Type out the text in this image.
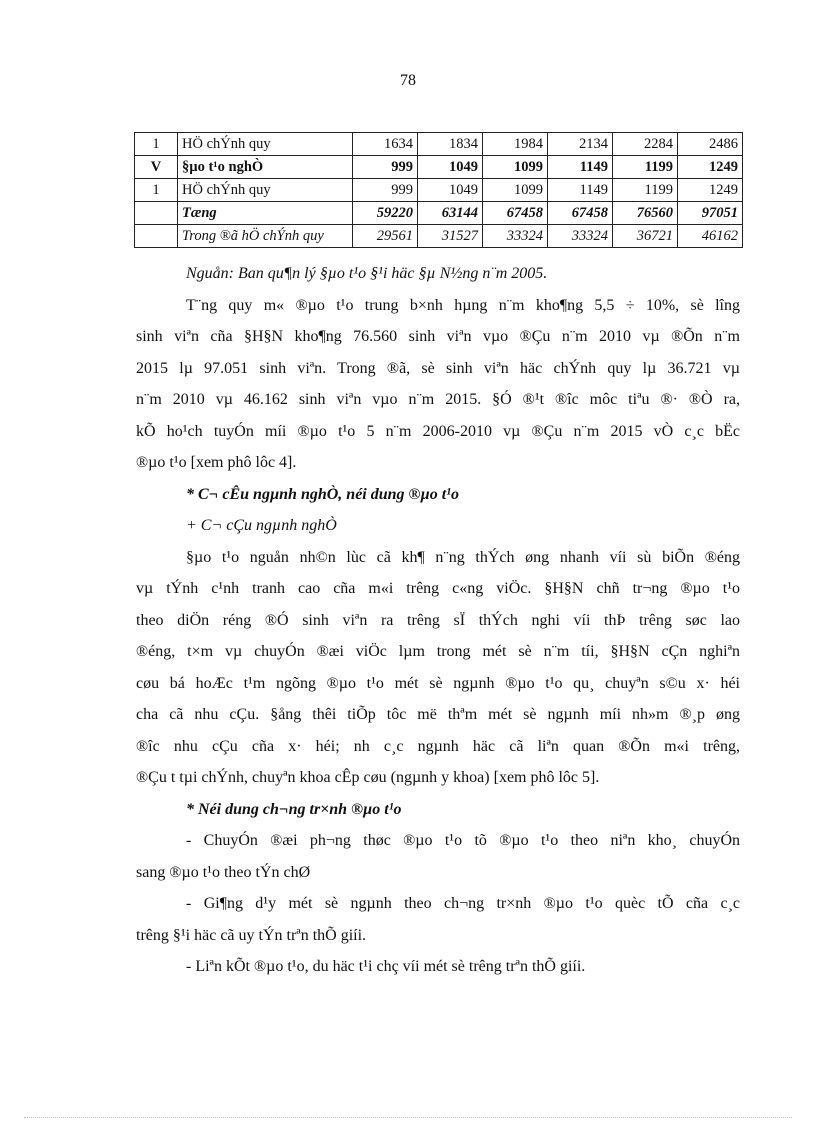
78
1	HÖ chÝnh quy	1634	1834	1984	2134	2284	2486
V	§µo t¹o nghÒ	999	1049	1099	1149	1199	1249
1	HÖ chÝnh quy	999	1049	1099	1149	1199	1249
	Tæng	59220	63144	67458	67458	76560	97051
	Trong ®ã hÖ chÝnh quy	29561	31527	33324	33324	36721	46162
Nguån: Ban qu¶n lý §µo t¹o §¹i häc §µ N½ng n¨m 2005.
T¨ng quy m« ®µo t¹o trung b×nh hµng n¨m kho¶ng 5,5 ÷ 10%, sè lîng
sinh viªn cña §H§N kho¶ng 76.560 sinh viªn vµo ®Çu n¨m 2010 vµ ®Õn n¨m
2015 lµ 97.051 sinh viªn. Trong ®ã, sè sinh viªn häc chÝnh quy lµ 36.721 vµ
n¨m 2010 vµ 46.162 sinh viªn vµo n¨m 2015. §Ó ®¹t ®îc môc tiªu ®· ®Ò ra,
kÕ ho¹ch tuyÓn míi ®µo t¹o 5 n¨m 2006-2010 vµ ®Çu n¨m 2015 vÒ c¸c bËc
®µo t¹o [xem phô lôc 4].
* C¬ cÊu ngµnh nghÒ, néi dung ®µo t¹o
+ C¬ cÇu ngµnh nghÒ
§µo t¹o nguån nh©n lùc cã kh¶ n¨ng thÝch øng nhanh víi sù biÕn ®éng
vµ tÝnh c¹nh tranh cao cña m«i trêng c«ng viÖc. §H§N chñ tr¬ng ®µo t¹o
theo diÖn réng ®Ó sinh viªn ra trêng sÏ thÝch nghi víi thÞ trêng søc lao
®éng, t×m vµ chuyÓn ®æi viÖc lµm trong mét sè n¨m tíi, §H§N cÇn nghiªn
cøu bá hoÆc t¹m ngõng ®µo t¹o mét sè ngµnh ®µo t¹o qu¸ chuyªn s©u x· héi
cha cã nhu cÇu. §ång thêi tiÕp tôc më thªm mét sè ngµnh míi nh»m ®¸p øng
®îc nhu cÇu cña x· héi; nh c¸c ngµnh häc cã liªn quan ®Õn m«i trêng,
®Çu t tµi chÝnh, chuyªn khoa cÊp cøu (ngµnh y khoa) [xem phô lôc 5].
* Néi dung ch¬ng tr×nh ®µo t¹o
- ChuyÓn ®æi ph¬ng thøc ®µo t¹o tõ ®µo t¹o theo niªn kho¸ chuyÓn
sang ®µo t¹o theo tÝn chØ
- Gi¶ng d¹y mét sè ngµnh theo ch¬ng tr×nh ®µo t¹o quèc tÕ cña c¸c
trêng §¹i häc cã uy tÝn trªn thÕ giíi.
- Liªn kÕt ®µo t¹o, du häc t¹i chç víi mét sè trêng trªn thÕ giíi.
